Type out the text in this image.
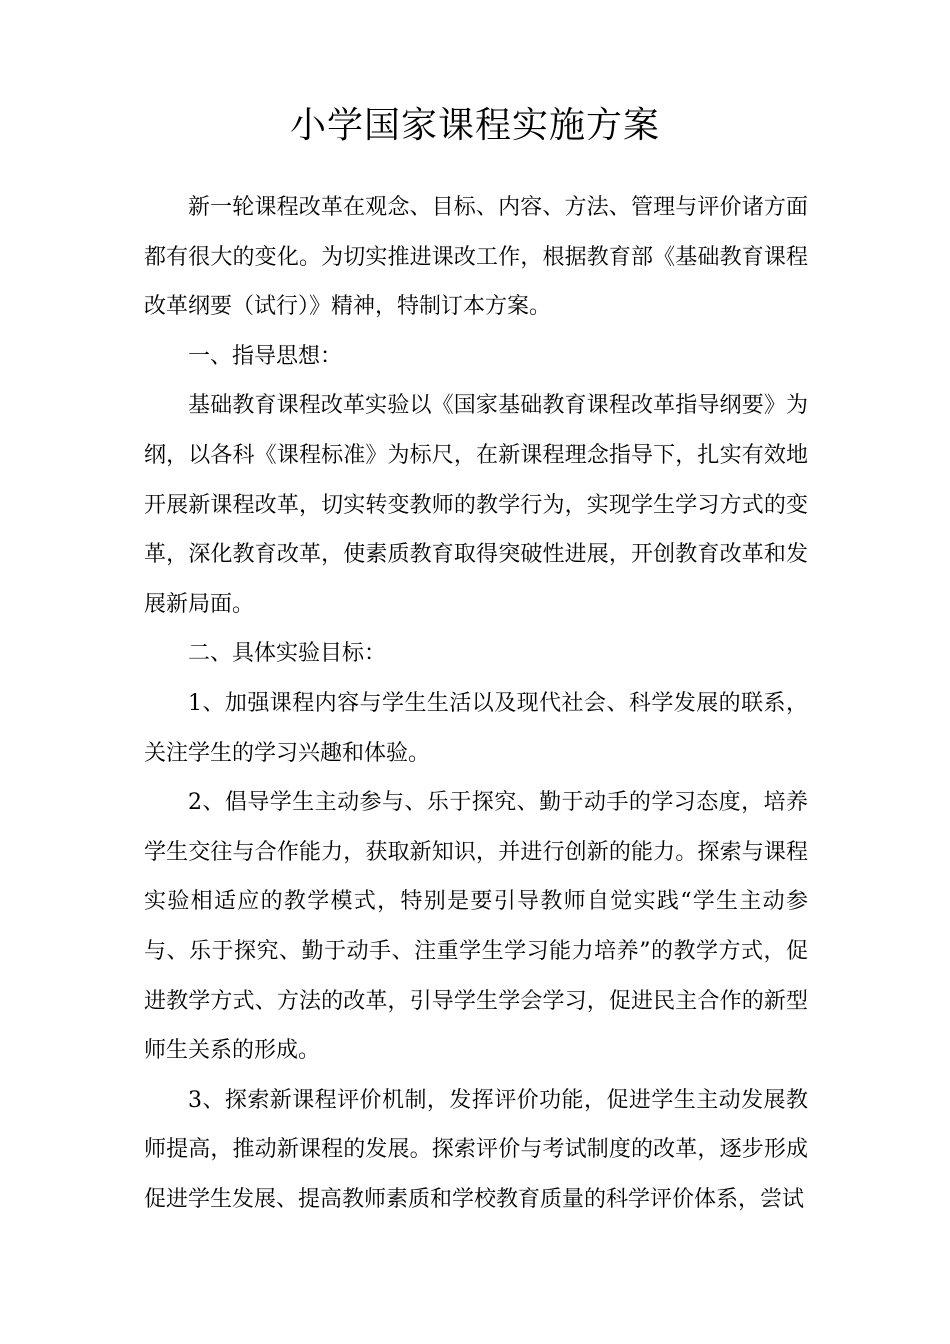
小学国家课程实施方案

新一轮课程改革在观念、目标、内容、方法、管理与评价诸方面都有很大的变化。为切实推进课改工作，根据教育部《基础教育课程改革纲要（试行）》精神，特制订本方案。

一、指导思想：

基础教育课程改革实验以《国家基础教育课程改革指导纲要》为纲，以各科《课程标准》为标尺，在新课程理念指导下，扎实有效地开展新课程改革，切实转变教师的教学行为，实现学生学习方式的变革，深化教育改革，使素质教育取得突破性进展，开创教育改革和发展新局面。

二、具体实验目标：

1、加强课程内容与学生生活以及现代社会、科学发展的联系，关注学生的学习兴趣和体验。

2、倡导学生主动参与、乐于探究、勤于动手的学习态度，培养学生交往与合作能力，获取新知识，并进行创新的能力。探索与课程实验相适应的教学模式，特别是要引导教师自觉实践“学生主动参与、乐于探究、勤于动手、注重学生学习能力培养”的教学方式，促进教学方式、方法的改革，引导学生学会学习，促进民主合作的新型师生关系的形成。

3、探索新课程评价机制，发挥评价功能，促进学生主动发展教师提高，推动新课程的发展。探索评价与考试制度的改革，逐步形成促进学生发展、提高教师素质和学校教育质量的科学评价体系，尝试
